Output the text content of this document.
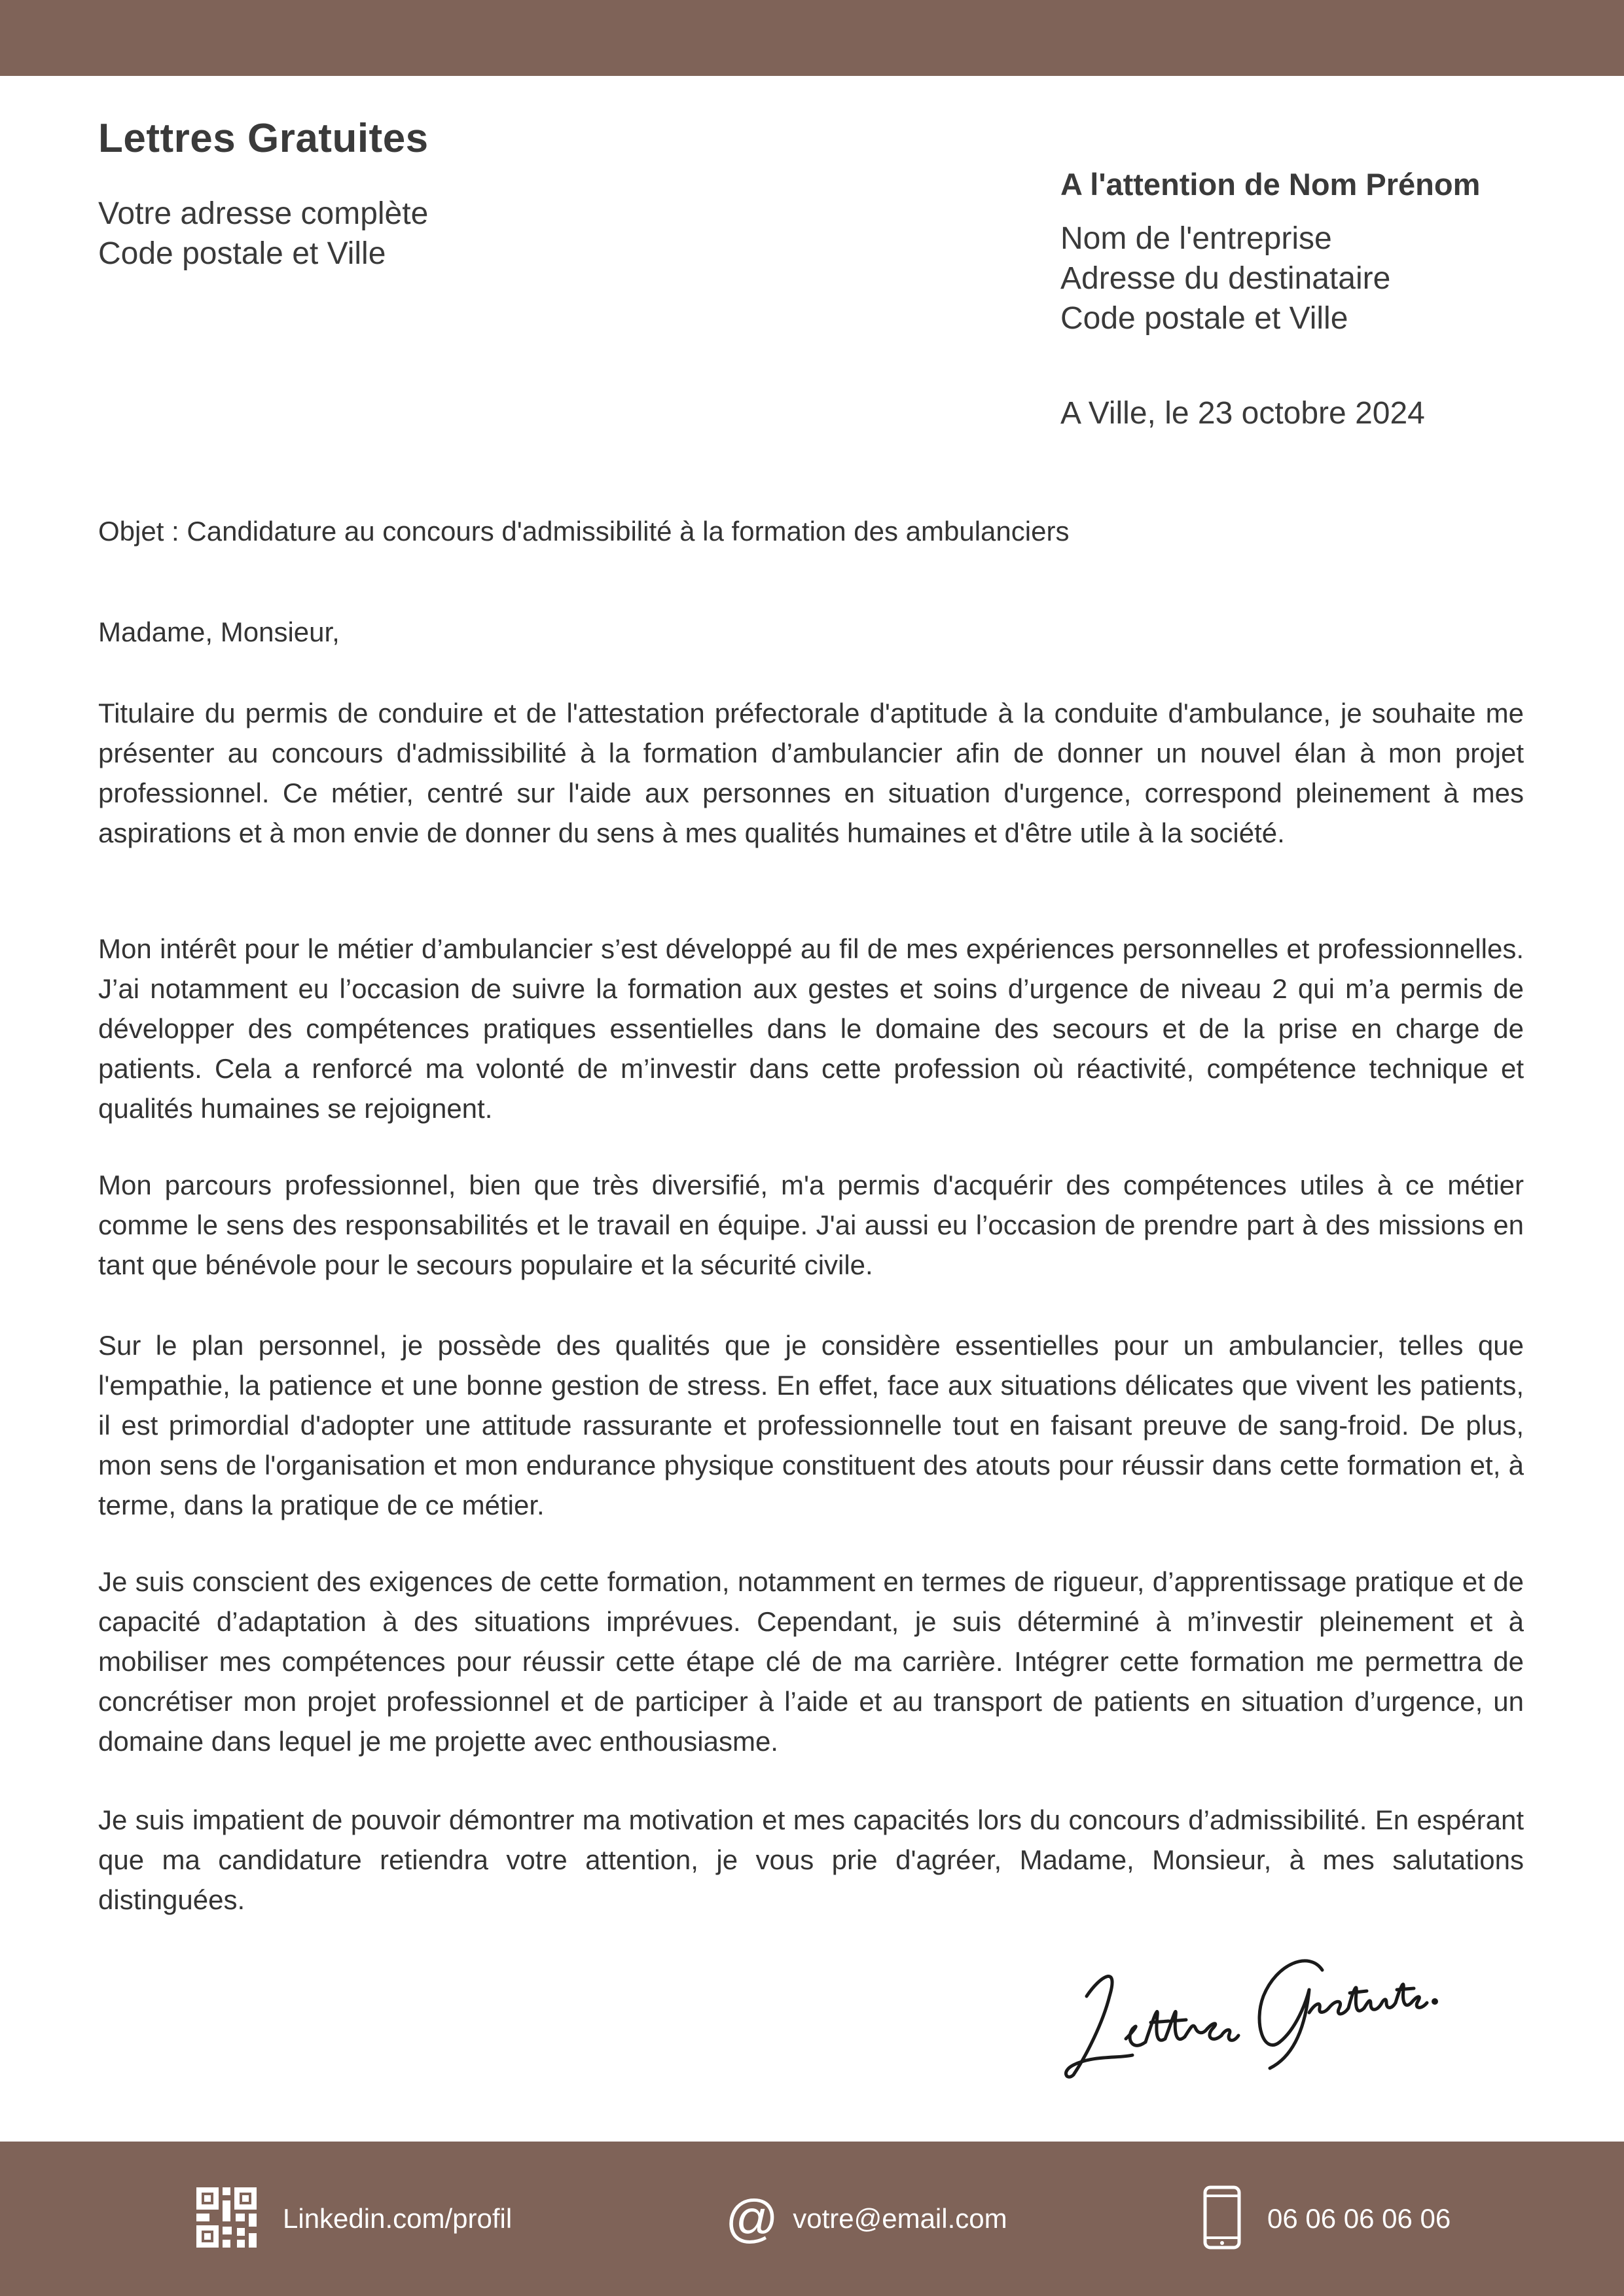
Lettres Gratuites
Votre adresse complète
Code postale et Ville
A l'attention de Nom Prénom
Nom de l'entreprise
Adresse du destinataire
Code postale et Ville
A Ville, le 23 octobre 2024
Objet : Candidature au concours d'admissibilité à la formation des ambulanciers
Madame, Monsieur,
Titulaire du permis de conduire et de l'attestation préfectorale d'aptitude à la conduite d'ambulance, je souhaite me présenter au concours d'admissibilité à la formation d’ambulancier afin de donner un nouvel élan à mon projet professionnel. Ce métier, centré sur l'aide aux personnes en situation d'urgence, correspond pleinement à mes aspirations et à mon envie de donner du sens à mes qualités humaines et d'être utile à la société.
Mon intérêt pour le métier d’ambulancier s’est développé au fil de mes expériences personnelles et professionnelles. J’ai notamment eu l’occasion de suivre la formation aux gestes et soins d’urgence de niveau 2 qui m’a permis de développer des compétences pratiques essentielles dans le domaine des secours et de la prise en charge de patients. Cela a renforcé ma volonté de m’investir dans cette profession où réactivité, compétence technique et qualités humaines se rejoignent.
Mon parcours professionnel, bien que très diversifié, m'a permis d'acquérir des compétences utiles à ce métier comme le sens des responsabilités et le travail en équipe. J'ai aussi eu l’occasion de prendre part à des missions en tant que bénévole pour le secours populaire et la sécurité civile.
Sur le plan personnel, je possède des qualités que je considère essentielles pour un ambulancier, telles que l'empathie, la patience et une bonne gestion de stress. En effet, face aux situations délicates que vivent les patients, il est primordial d'adopter une attitude rassurante et professionnelle tout en faisant preuve de sang-froid. De plus, mon sens de l'organisation et mon endurance physique constituent des atouts pour réussir dans cette formation et, à terme, dans la pratique de ce métier.
Je suis conscient des exigences de cette formation, notamment en termes de rigueur, d’apprentissage pratique et de capacité d’adaptation à des situations imprévues. Cependant, je suis déterminé à m’investir pleinement et à mobiliser mes compétences pour réussir cette étape clé de ma carrière. Intégrer cette formation me permettra de concrétiser mon projet professionnel et de participer à l’aide et au transport de patients en situation d’urgence, un domaine dans lequel je me projette avec enthousiasme.
Je suis impatient de pouvoir démontrer ma motivation et mes capacités lors du concours d’admissibilité. En espérant que ma candidature retiendra votre attention, je vous prie d'agréer, Madame, Monsieur, à mes salutations distinguées.
Linkedin.com/profil	@ votre@email.com	06 06 06 06 06
